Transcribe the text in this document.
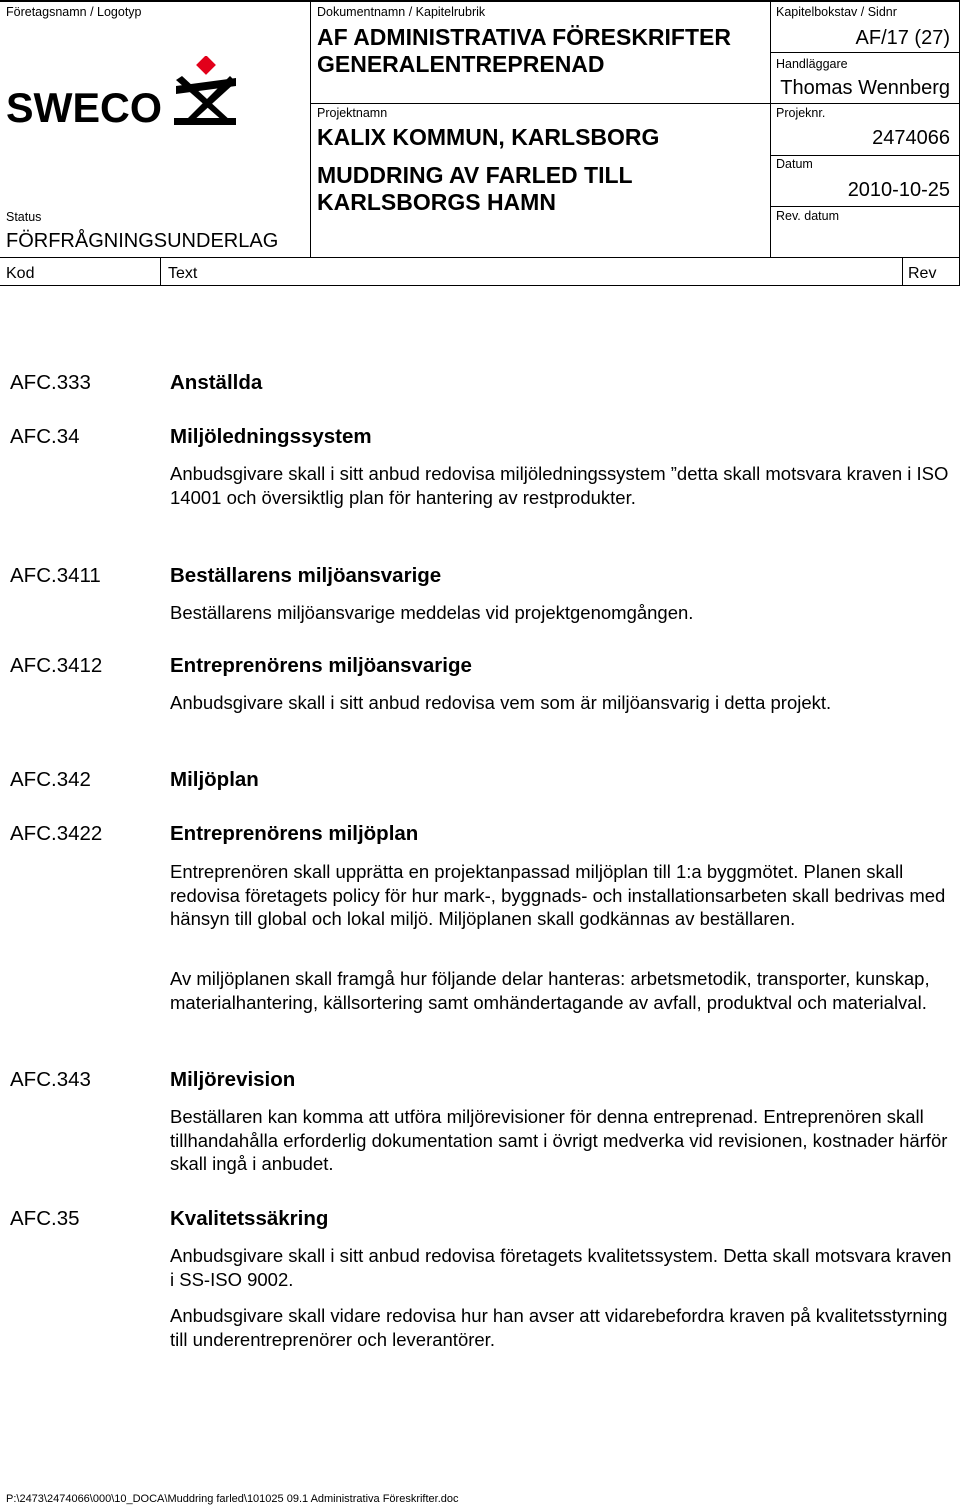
Företagsnamn / Logotyp
SWECO
Status
FÖRFRÅGNINGSUNDERLAG
Dokumentnamn / Kapitelrubrik
AF ADMINISTRATIVA FÖRESKRIFTER
GENERALENTREPRENAD
Projektnamn
KALIX KOMMUN, KARLSBORG
MUDDRING AV FARLED TILL
KARLSBORGS HAMN
Kapitelbokstav / Sidnr
AF/17 (27)
Handläggare
Thomas Wennberg
Projeknr.
2474066
Datum
2010-10-25
Rev. datum
Kod	Text	Rev
AFC.333	Anställda
AFC.34	Miljöledningssystem
Anbudsgivare skall i sitt anbud redovisa miljöledningssystem ”detta skall motsvara kraven i ISO 14001 och översiktlig plan för hantering av restprodukter.
AFC.3411	Beställarens miljöansvarige
Beställarens miljöansvarige meddelas vid projektgenomgången.
AFC.3412	Entreprenörens miljöansvarige
Anbudsgivare skall i sitt anbud redovisa vem som är miljöansvarig i detta projekt.
AFC.342	Miljöplan
AFC.3422	Entreprenörens miljöplan
Entreprenören skall upprätta en projektanpassad miljöplan till 1:a byggmötet. Planen skall redovisa företagets policy för hur mark-, byggnads- och installationsarbeten skall bedrivas med hänsyn till global och lokal miljö. Miljöplanen skall godkännas av beställaren.
Av miljöplanen skall framgå hur följande delar hanteras: arbetsmetodik, transporter, kunskap, materialhantering, källsortering samt omhändertagande av avfall, produktval och materialval.
AFC.343	Miljörevision
Beställaren kan komma att utföra miljörevisioner för denna entreprenad. Entreprenören skall tillhandahålla erforderlig dokumentation samt i övrigt medverka vid revisionen, kostnader härför skall ingå i anbudet.
AFC.35	Kvalitetssäkring
Anbudsgivare skall i sitt anbud redovisa företagets kvalitetssystem. Detta skall motsvara kraven i SS-ISO 9002.
Anbudsgivare skall vidare redovisa hur han avser att vidarebefordra kraven på kvalitetsstyrning till underentreprenörer och leverantörer.
P:\2473\2474066\000\10_DOCA\Muddring farled\101025 09.1 Administrativa Föreskrifter.doc
